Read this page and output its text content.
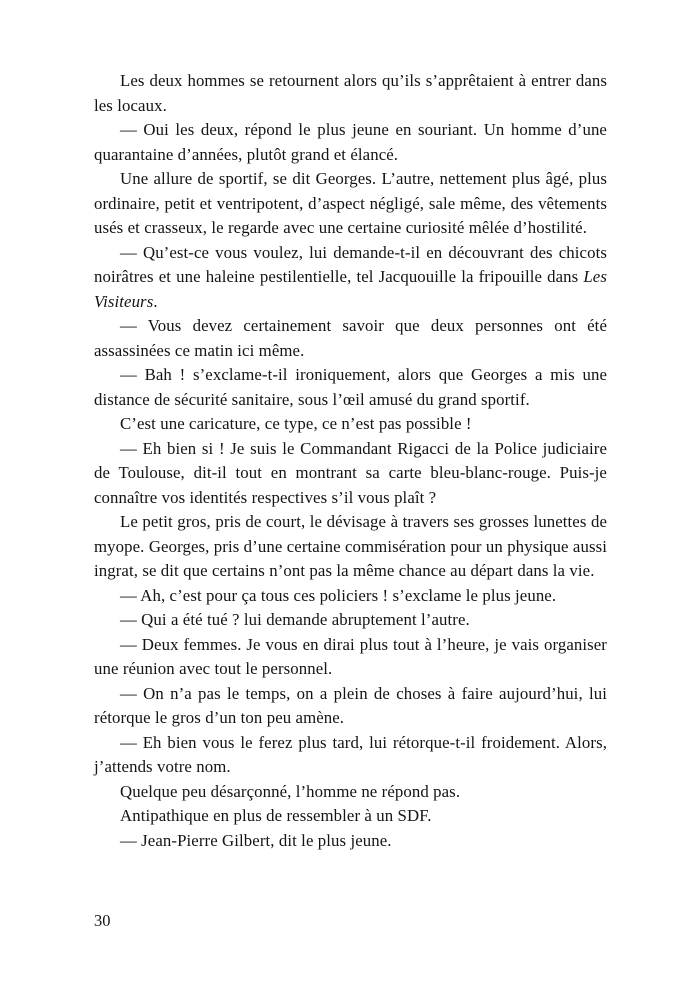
Les deux hommes se retournent alors qu’ils s’apprêtaient à entrer dans les locaux.

— Oui les deux, répond le plus jeune en souriant. Un homme d’une quarantaine d’années, plutôt grand et élancé.

Une allure de sportif, se dit Georges. L’autre, nettement plus âgé, plus ordinaire, petit et ventripotent, d’aspect négligé, sale même, des vêtements usés et crasseux, le regarde avec une certaine curiosité mêlée d’hostilité.

— Qu’est-ce vous voulez, lui demande-t-il en découvrant des chicots noirâtres et une haleine pestilentielle, tel Jacquouille la fripouille dans Les Visiteurs.

— Vous devez certainement savoir que deux personnes ont été assassinées ce matin ici même.

— Bah ! s’exclame-t-il ironiquement, alors que Georges a mis une distance de sécurité sanitaire, sous l’œil amusé du grand sportif.

C’est une caricature, ce type, ce n’est pas possible !

— Eh bien si ! Je suis le Commandant Rigacci de la Police judiciaire de Toulouse, dit-il tout en montrant sa carte bleu-blanc-rouge. Puis-je connaître vos identités respectives s’il vous plaît ?

Le petit gros, pris de court, le dévisage à travers ses grosses lunettes de myope. Georges, pris d’une certaine commisération pour un physique aussi ingrat, se dit que certains n’ont pas la même chance au départ dans la vie.

— Ah, c’est pour ça tous ces policiers ! s’exclame le plus jeune.

— Qui a été tué ? lui demande abruptement l’autre.

— Deux femmes. Je vous en dirai plus tout à l’heure, je vais organiser une réunion avec tout le personnel.

— On n’a pas le temps, on a plein de choses à faire aujourd’hui, lui rétorque le gros d’un ton peu amène.

— Eh bien vous le ferez plus tard, lui rétorque-t-il froidement. Alors, j’attends votre nom.

Quelque peu désarçonné, l’homme ne répond pas.

Antipathique en plus de ressembler à un SDF.

— Jean-Pierre Gilbert, dit le plus jeune.

30
